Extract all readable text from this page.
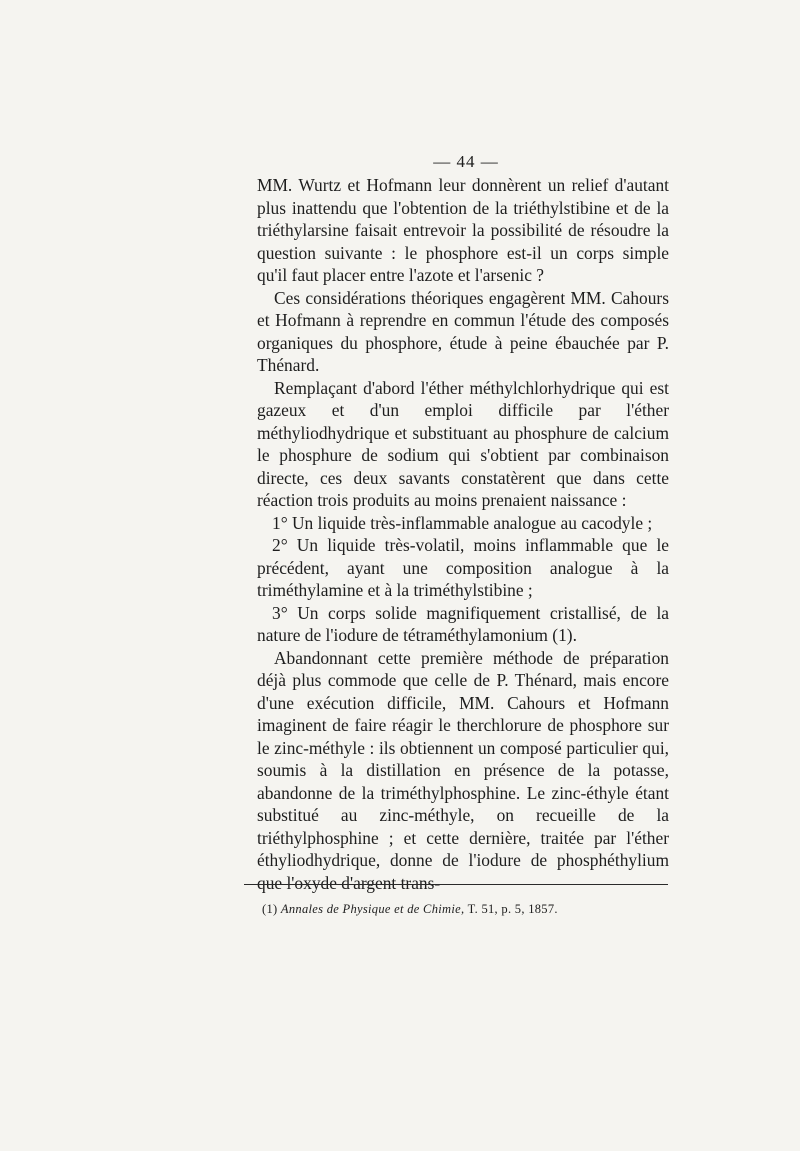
— 44 —

MM. Wurtz et Hofmann leur donnèrent un relief d'autant plus inattendu que l'obtention de la triéthylstibine et de la triéthylarsine faisait entrevoir la possibilité de résoudre la question suivante : le phosphore est-il un corps simple qu'il faut placer entre l'azote et l'arsenic ?

Ces considérations théoriques engagèrent MM. Cahours et Hofmann à reprendre en commun l'étude des composés organiques du phosphore, étude à peine ébauchée par P. Thénard.

Remplaçant d'abord l'éther méthylchlorhydrique qui est gazeux et d'un emploi difficile par l'éther méthyliodhydrique et substituant au phosphure de calcium le phosphure de sodium qui s'obtient par combinaison directe, ces deux savants constatèrent que dans cette réaction trois produits au moins prenaient naissance :

1° Un liquide très-inflammable analogue au cacodyle ;

2° Un liquide très-volatil, moins inflammable que le précédent, ayant une composition analogue à la triméthylamine et à la triméthylstibine ;

3° Un corps solide magnifiquement cristallisé, de la nature de l'iodure de tétraméthylamonium (1).

Abandonnant cette première méthode de préparation déjà plus commode que celle de P. Thénard, mais encore d'une exécution difficile, MM. Cahours et Hofmann imaginent de faire réagir le therchlorure de phosphore sur le zinc-méthyle : ils obtiennent un composé particulier qui, soumis à la distillation en présence de la potasse, abandonne de la triméthylphosphine. Le zinc-éthyle étant substitué au zinc-méthyle, on recueille de la triéthylphosphine ; et cette dernière, traitée par l'éther éthyliodhydrique, donne de l'iodure de phosphéthylium que l'oxyde d'argent trans-

(1) Annales de Physique et de Chimie, T. 51, p. 5, 1857.
